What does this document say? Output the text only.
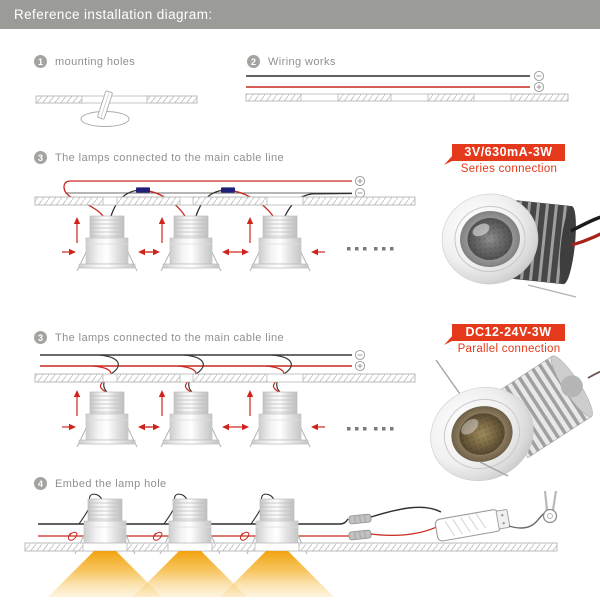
Reference installation diagram:
1	mounting holes	2	Wiring works
3	The lamps connected to the main cable line
3	The lamps connected to the main cable line
4	Embed the lamp hole
3V/630mA-3W
Series connection
DC12-24V-3W
Parallel connection
